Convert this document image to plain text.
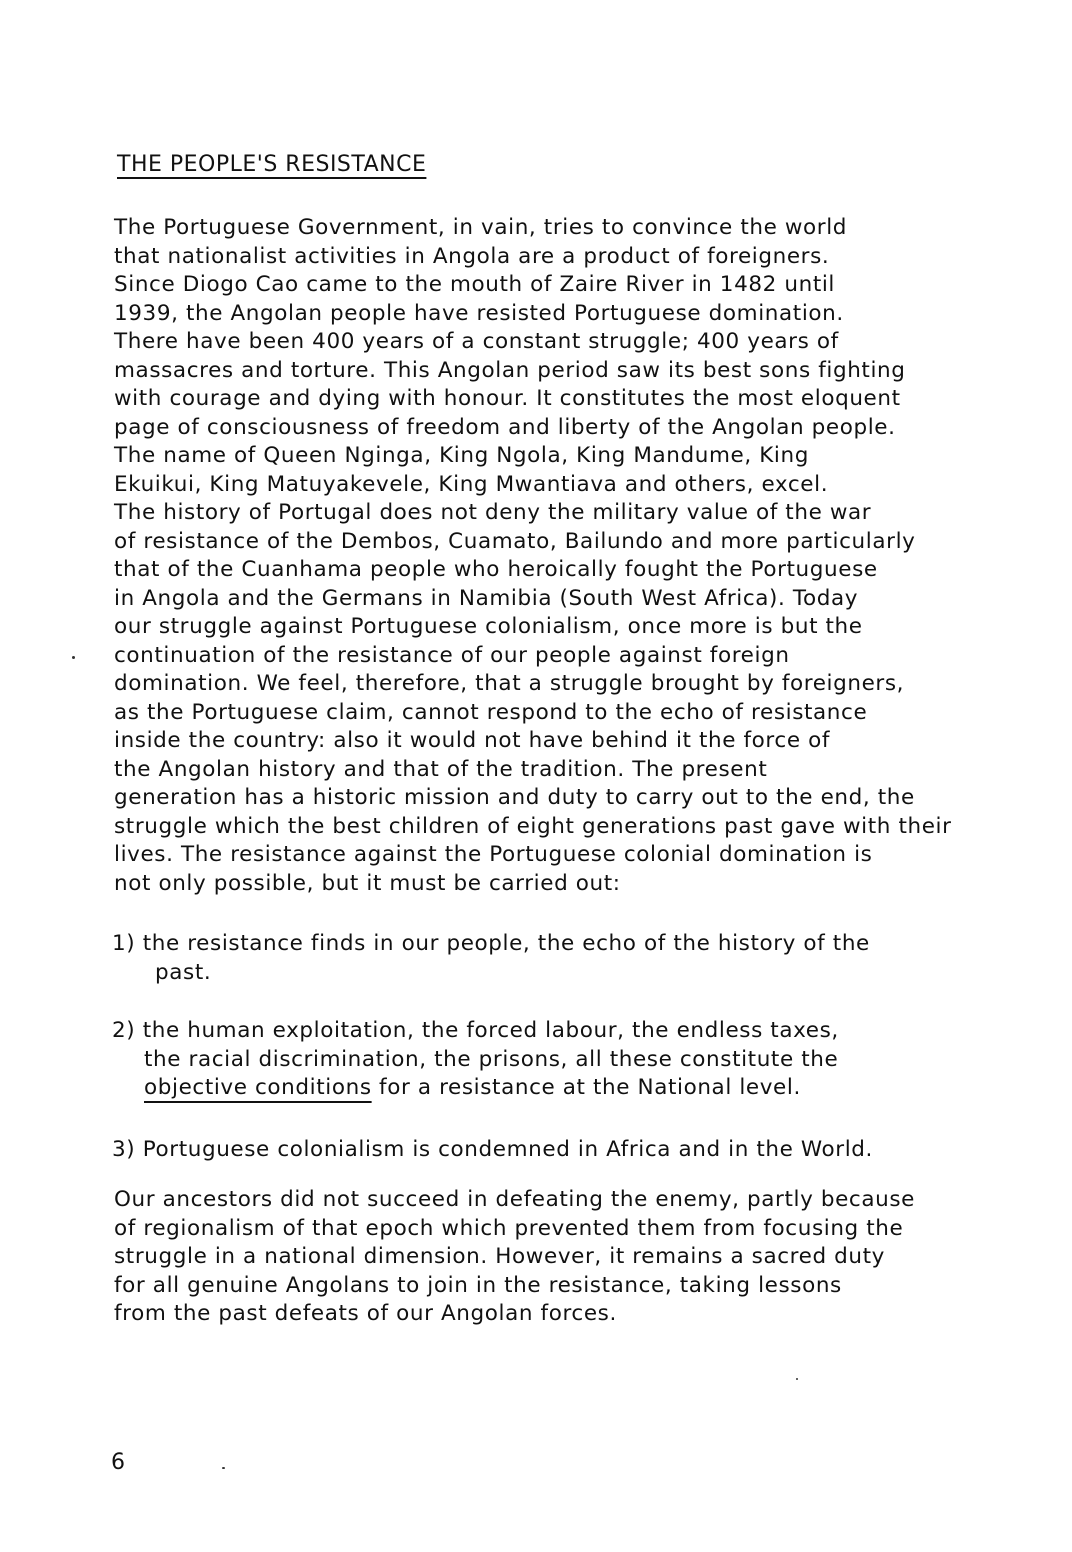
THE PEOPLE'S RESISTANCE
The Portuguese Government, in vain, tries to convince the world
that nationalist activities in Angola are a product of foreigners.
Since Diogo Cao came to the mouth of Zaire River in 1482 until
1939, the Angolan people have resisted Portuguese domination.
There have been 400 years of a constant struggle; 400 years of
massacres and torture. This Angolan period saw its best sons fighting
with courage and dying with honour. It constitutes the most eloquent
page of consciousness of freedom and liberty of the Angolan people.
The name of Queen Nginga, King Ngola, King Mandume, King
Ekuikui, King Matuyakevele, King Mwantiava and others, excel.
The history of Portugal does not deny the military value of the war
of resistance of the Dembos, Cuamato, Bailundo and more particularly
that of the Cuanhama people who heroically fought the Portuguese
in Angola and the Germans in Namibia (South West Africa). Today
our struggle against Portuguese colonialism, once more is but the
continuation of the resistance of our people against foreign
domination. We feel, therefore, that a struggle brought by foreigners,
as the Portuguese claim, cannot respond to the echo of resistance
inside the country: also it would not have behind it the force of
the Angolan history and that of the tradition. The present
generation has a historic mission and duty to carry out to the end, the
struggle which the best children of eight generations past gave with their
lives. The resistance against the Portuguese colonial domination is
not only possible, but it must be carried out:
1) the resistance finds in our people, the echo of the history of the
past.
2) the human exploitation, the forced labour, the endless taxes,
the racial discrimination, the prisons, all these constitute the
objective conditions for a resistance at the National level.
3) Portuguese colonialism is condemned in Africa and in the World.
Our ancestors did not succeed in defeating the enemy, partly because
of regionalism of that epoch which prevented them from focusing the
struggle in a national dimension. However, it remains a sacred duty
for all genuine Angolans to join in the resistance, taking lessons
from the past defeats of our Angolan forces.
6
